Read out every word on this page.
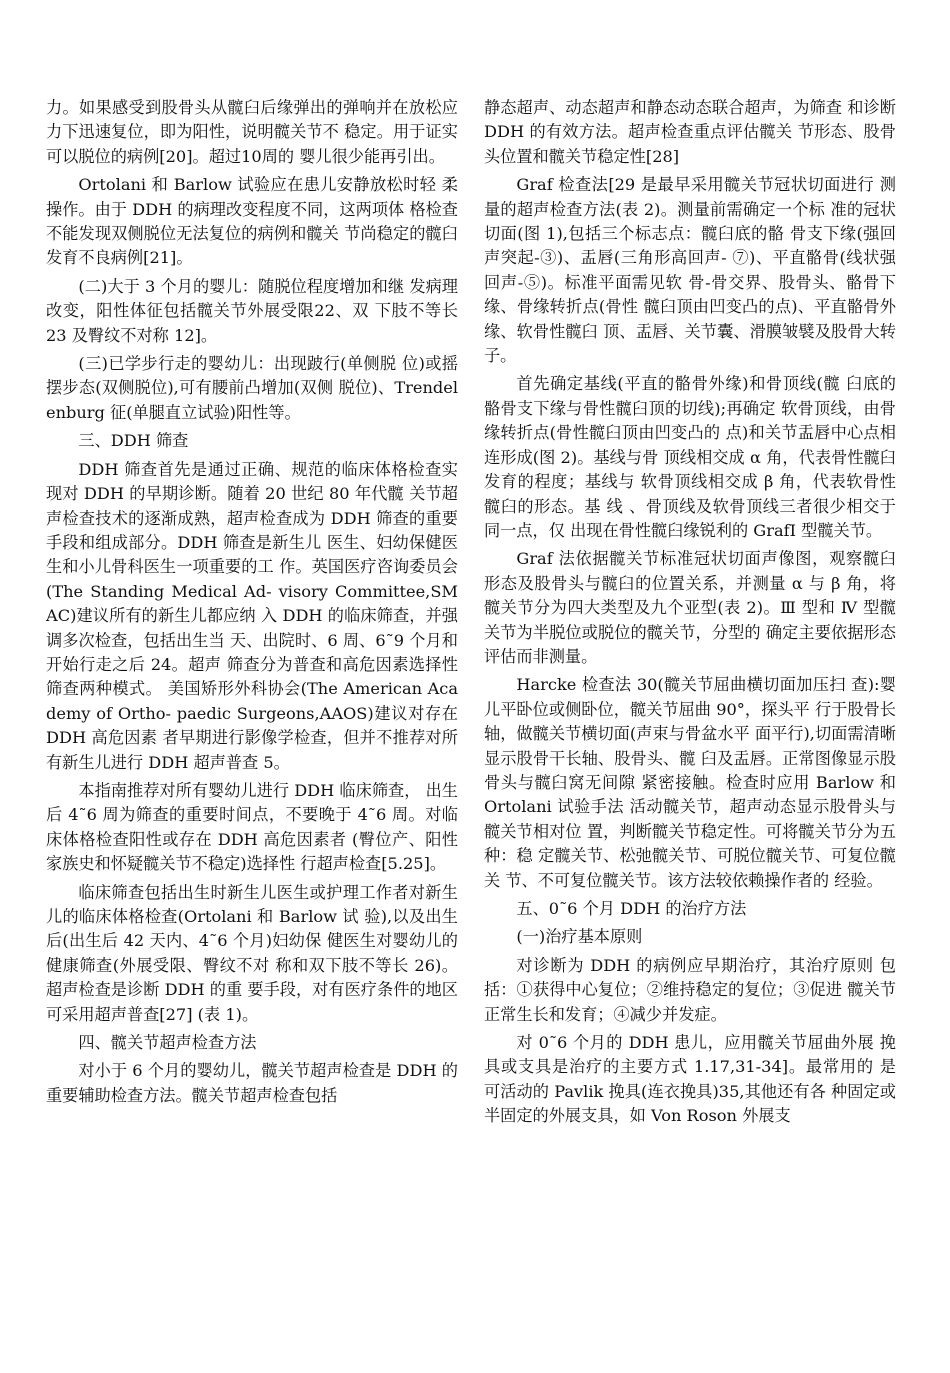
力。如果感受到股骨头从髋臼后缘弹出的弹响并在放松应力下迅速复位，即为阳性，说明髋关节不 稳定。用于证实可以脱位的病例[20]。超过10周的 婴儿很少能再引出。

Ortolani 和 Barlow 试验应在患儿安静放松时轻 柔操作。由于 DDH 的病理改变程度不同，这两项体 格检查不能发现双侧脱位无法复位的病例和髋关 节尚稳定的髋臼发育不良病例[21]。

(二)大于 3 个月的婴儿：随脱位程度增加和继 发病理改变，阳性体征包括髋关节外展受限22、双 下肢不等长 23 及臀纹不对称 12]。

(三)已学步行走的婴幼儿：出现跛行(单侧脱 位)或摇摆步态(双侧脱位),可有腰前凸增加(双侧 脱位)、Trendelenburg 征(单腿直立试验)阳性等。

三、DDH 筛查

DDH 筛查首先是通过正确、规范的临床体格检查实现对 DDH 的早期诊断。随着 20 世纪 80 年代髋 关节超声检查技术的逐渐成熟，超声检查成为 DDH 筛查的重要手段和组成部分。DDH 筛查是新生儿 医生、妇幼保健医生和小儿骨科医生一项重要的工 作。英国医疗咨询委员会(The Standing Medical Ad- visory Committee,SMAC)建议所有的新生儿都应纳 入 DDH 的临床筛查，并强调多次检查，包括出生当 天、出院时、6 周、6˜9 个月和开始行走之后 24。超声 筛查分为普查和高危因素选择性筛查两种模式。 美国矫形外科协会(The American Academy of Ortho- paedic Surgeons,AAOS)建议对存在 DDH 高危因素 者早期进行影像学检查，但并不推荐对所有新生儿进行 DDH 超声普查 5。

本指南推荐对所有婴幼儿进行 DDH 临床筛查， 出生后 4˜6 周为筛查的重要时间点，不要晚于 4˜6 周。对临床体格检查阳性或存在 DDH 高危因素者 (臀位产、阳性家族史和怀疑髋关节不稳定)选择性 行超声检查[5.25]。

临床筛查包括出生时新生儿医生或护理工作者对新生儿的临床体格检查(Ortolani 和 Barlow 试 验),以及出生后(出生后 42 天内、4˜6 个月)妇幼保 健医生对婴幼儿的健康筛查(外展受限、臀纹不对 称和双下肢不等长 26)。超声检查是诊断 DDH 的重 要手段，对有医疗条件的地区可采用超声普查[27] (表 1)。

四、髋关节超声检查方法

对小于 6 个月的婴幼儿，髋关节超声检查是 DDH 的重要辅助检查方法。髋关节超声检查包括

静态超声、动态超声和静态动态联合超声，为筛查 和诊断 DDH 的有效方法。超声检查重点评估髋关 节形态、股骨头位置和髋关节稳定性[28]

Graf 检查法[29 是最早采用髋关节冠状切面进行 测量的超声检查方法(表 2)。测量前需确定一个标 准的冠状切面(图 1),包括三个标志点：髋臼底的骼 骨支下缘(强回声突起-③)、盂唇(三角形高回声- ⑦)、平直骼骨(线状强回声-⑤)。标准平面需见软 骨-骨交界、股骨头、骼骨下缘、骨缘转折点(骨性 髋臼顶由凹变凸的点)、平直骼骨外缘、软骨性髋臼 顶、盂唇、关节囊、滑膜皱襞及股骨大转子。

首先确定基线(平直的骼骨外缘)和骨顶线(髋 臼底的骼骨支下缘与骨性髋臼顶的切线);再确定 软骨顶线，由骨缘转折点(骨性髋臼顶由凹变凸的 点)和关节盂唇中心点相连形成(图 2)。基线与骨 顶线相交成 α 角，代表骨性髋臼发育的程度；基线与 软骨顶线相交成 β 角，代表软骨性髋臼的形态。基 线 、骨顶线及软骨顶线三者很少相交于同一点，仅 出现在骨性髋臼缘锐利的 GrafI 型髋关节。

Graf 法依据髋关节标准冠状切面声像图，观察髋臼形态及股骨头与髋臼的位置关系，并测量 α 与 β 角，将髋关节分为四大类型及九个亚型(表 2)。Ⅲ 型和 Ⅳ 型髋关节为半脱位或脱位的髋关节，分型的 确定主要依据形态评估而非测量。

Harcke 检查法 30(髋关节屈曲横切面加压扫 查):婴儿平卧位或侧卧位，髋关节屈曲 90°，探头平 行于股骨长轴，做髋关节横切面(声束与骨盆水平 面平行),切面需清晰显示股骨干长轴、股骨头、髋 臼及盂唇。正常图像显示股骨头与髋臼窝无间隙 紧密接触。检查时应用 Barlow 和 Ortolani 试验手法 活动髋关节，超声动态显示股骨头与髋关节相对位 置，判断髋关节稳定性。可将髋关节分为五种：稳 定髋关节、松弛髋关节、可脱位髋关节、可复位髋关 节、不可复位髋关节。该方法较依赖操作者的 经验。

五、0˜6 个月 DDH 的治疗方法

(一)治疗基本原则

对诊断为 DDH 的病例应早期治疗，其治疗原则 包括：①获得中心复位；②维持稳定的复位；③促进 髋关节正常生长和发育；④减少并发症。

对 0˜6 个月的 DDH 患儿，应用髋关节屈曲外展 挽具或支具是治疗的主要方式 1.17,31-34]。最常用的 是可活动的 Pavlik 挽具(连衣挽具)35,其他还有各 种固定或半固定的外展支具，如 Von Roson 外展支
